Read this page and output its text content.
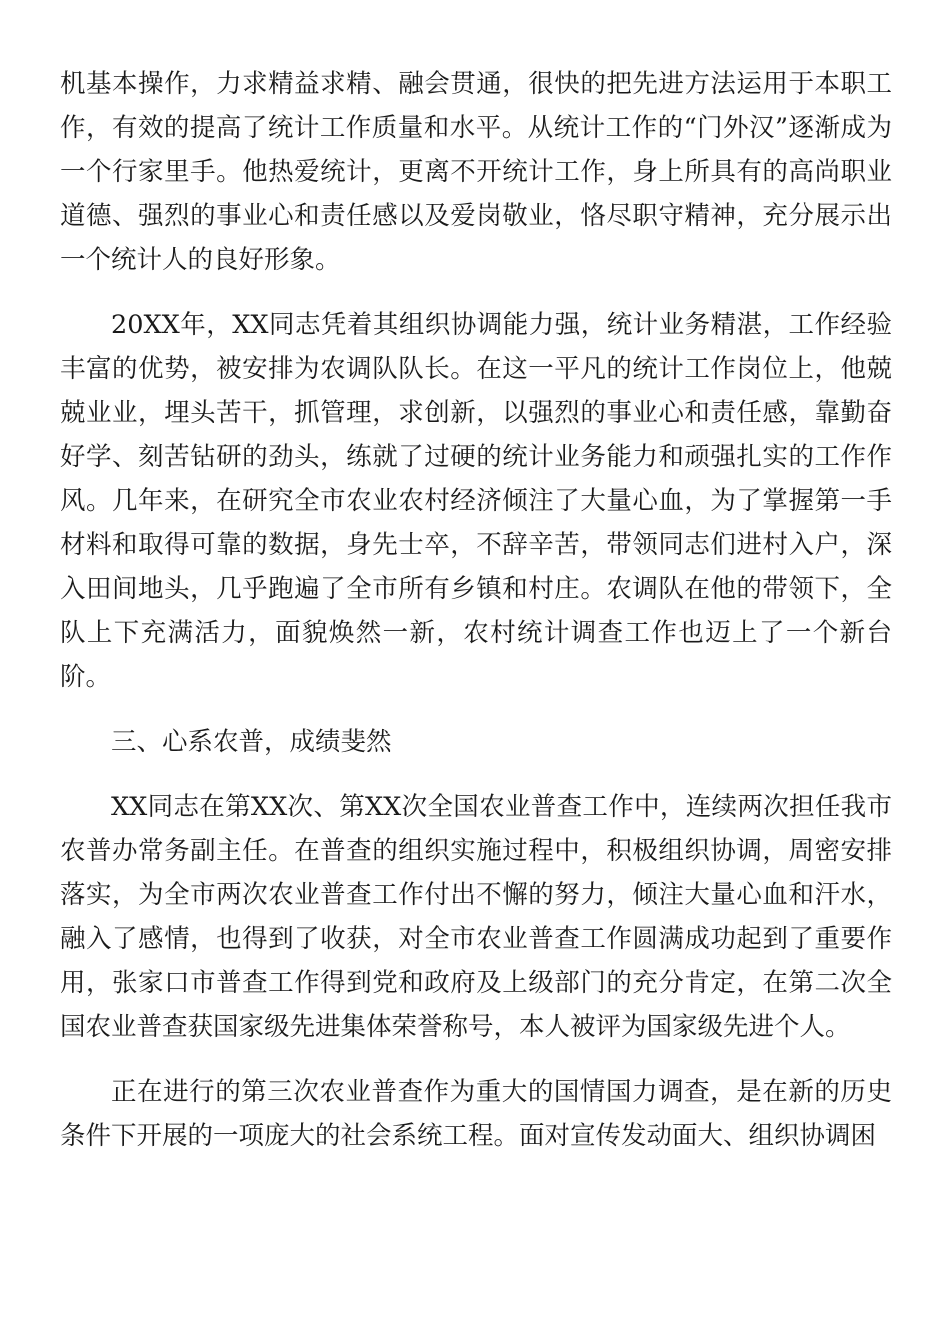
机基本操作，力求精益求精、融会贯通，很快的把先进方法运用于本职工作，有效的提高了统计工作质量和水平。从统计工作的“门外汉”逐渐成为一个行家里手。他热爱统计，更离不开统计工作，身上所具有的高尚职业道德、强烈的事业心和责任感以及爱岗敬业，恪尽职守精神，充分展示出一个统计人的良好形象。

20XX年，XX同志凭着其组织协调能力强，统计业务精湛，工作经验丰富的优势，被安排为农调队队长。在这一平凡的统计工作岗位上，他兢兢业业，埋头苦干，抓管理，求创新，以强烈的事业心和责任感，靠勤奋好学、刻苦钻研的劲头，练就了过硬的统计业务能力和顽强扎实的工作作风。几年来，在研究全市农业农村经济倾注了大量心血，为了掌握第一手材料和取得可靠的数据，身先士卒，不辞辛苦，带领同志们进村入户，深入田间地头，几乎跑遍了全市所有乡镇和村庄。农调队在他的带领下，全队上下充满活力，面貌焕然一新，农村统计调查工作也迈上了一个新台阶。

三、心系农普，成绩斐然

XX同志在第XX次、第XX次全国农业普查工作中，连续两次担任我市农普办常务副主任。在普查的组织实施过程中，积极组织协调，周密安排落实，为全市两次农业普查工作付出不懈的努力，倾注大量心血和汗水，融入了感情，也得到了收获，对全市农业普查工作圆满成功起到了重要作用，张家口市普查工作得到党和政府及上级部门的充分肯定，在第二次全国农业普查获国家级先进集体荣誉称号，本人被评为国家级先进个人。

正在进行的第三次农业普查作为重大的国情国力调查，是在新的历史条件下开展的一项庞大的社会系统工程。面对宣传发动面大、组织协调困
